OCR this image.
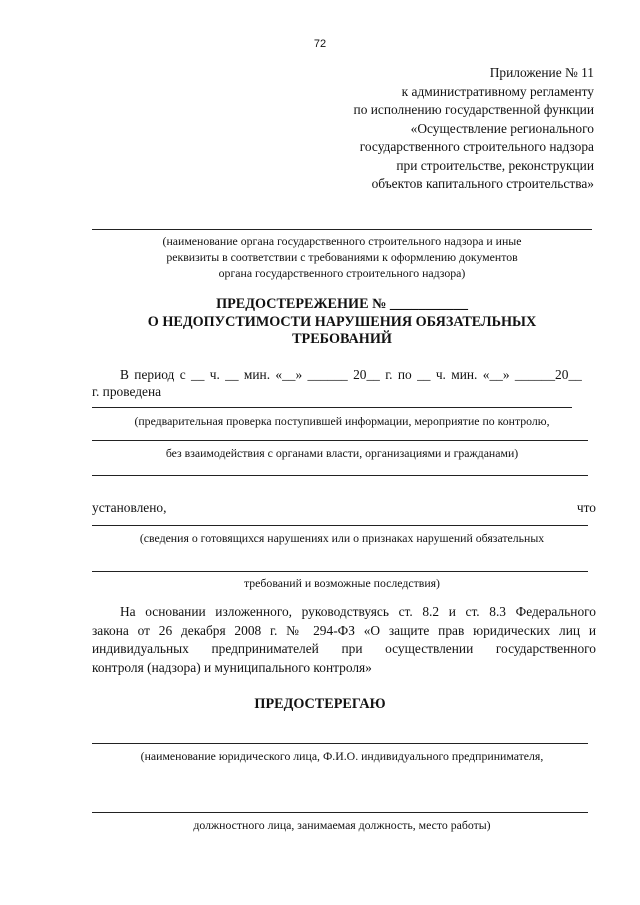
72
Приложение № 11
к административному регламенту
по исполнению государственной функции
«Осуществление регионального
государственного строительного надзора
при строительстве, реконструкции
объектов капитального строительства»
(наименование органа государственного строительного надзора и иные
реквизиты в соответствии с требованиями к оформлению документов
органа государственного строительного надзора)
ПРЕДОСТЕРЕЖЕНИЕ № ___________
О НЕДОПУСТИМОСТИ НАРУШЕНИЯ ОБЯЗАТЕЛЬНЫХ
ТРЕБОВАНИЙ
В период с __ ч. __ мин. «__» ______ 20__ г. по __ ч. мин. «__» ______20__
г. проведена
(предварительная проверка поступившей информации, мероприятие по контролю,
без взаимодействия с органами власти, организациями и гражданами)
установлено,	что
(сведения о готовящихся нарушениях или о признаках нарушений обязательных
требований и возможные последствия)
На основании изложенного, руководствуясь ст. 8.2 и ст. 8.3 Федерального
закона от 26 декабря 2008 г. № 294-ФЗ «О защите прав юридических лиц и
индивидуальных предпринимателей при осуществлении государственного
контроля (надзора) и муниципального контроля»
ПРЕДОСТЕРЕГАЮ
(наименование юридического лица, Ф.И.О. индивидуального предпринимателя,
должностного лица, занимаемая должность, место работы)
